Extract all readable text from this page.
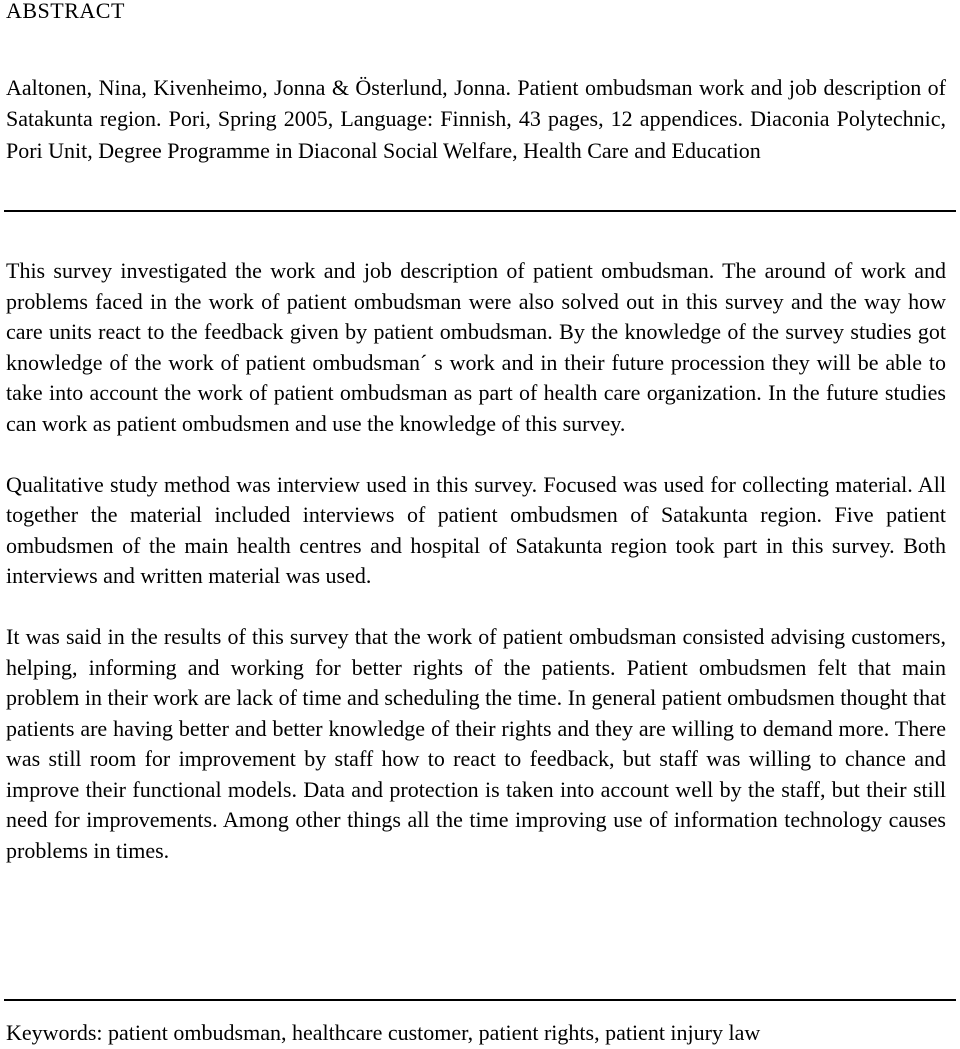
ABSTRACT
Aaltonen, Nina, Kivenheimo, Jonna & Österlund, Jonna. Patient ombudsman work and job description of Satakunta region. Pori, Spring 2005, Language: Finnish, 43 pages, 12 appendices. Diaconia Polytechnic, Pori Unit, Degree Programme in Diaconal Social Welfare, Health Care and Education

This survey investigated the work and job description of patient ombudsman. The around of work and problems faced in the work of patient ombudsman were also solved out in this survey and the way how care units react to the feedback given by patient ombudsman. By the knowledge of the survey studies got knowledge of the work of patient ombudsman´ s work and in their future procession they will be able to take into account the work of patient ombudsman as part of health care organization. In the future studies can work as patient ombudsmen and use the knowledge of this survey.

Qualitative study method was interview used in this survey. Focused was used for collecting material. All together the material included interviews of patient ombudsmen of Satakunta region. Five patient ombudsmen of the main health centres and hospital of Satakunta region took part in this survey. Both interviews and written material was used.

It was said in the results of this survey that the work of patient ombudsman consisted advising customers, helping, informing and working for better rights of the patients. Patient ombudsmen felt that main problem in their work are lack of time and scheduling the time. In general patient ombudsmen thought that patients are having better and better knowledge of their rights and they are willing to demand more. There was still room for improvement by staff how to react to feedback, but staff was willing to chance and improve their functional models. Data and protection is taken into account well by the staff, but their still need for improvements. Among other things all the time improving use of information technology causes problems in times.

Keywords: patient ombudsman, healthcare customer, patient rights, patient injury law
